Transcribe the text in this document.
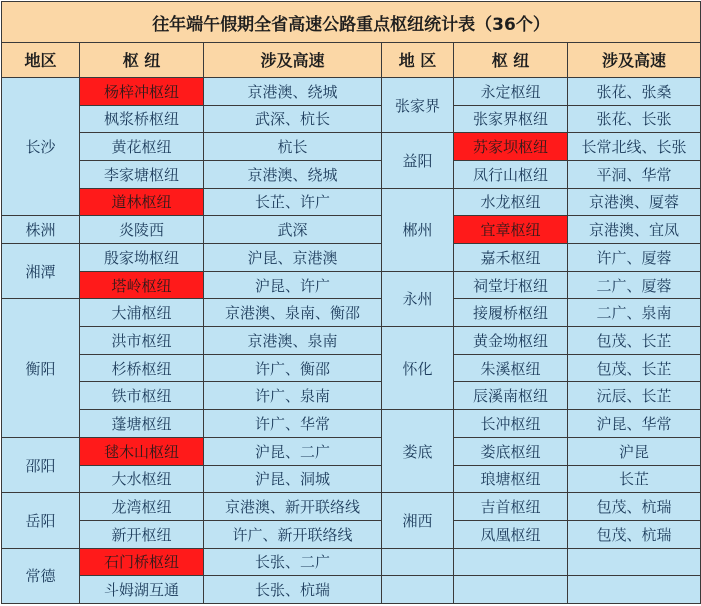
往年端午假期全省高速公路重点枢纽统计表（36个）					
地区	枢 纽	涉及高速	地 区	枢 纽	涉及高速
长沙	杨梓冲枢纽	京港澳、绕城	张家界	永定枢纽	张花、张桑
	枫浆桥枢纽	武深、杭长		张家界枢纽	张花、长张
	黄花枢纽	杭长	益阳	苏家坝枢纽	长常北线、长张
	李家塘枢纽	京港澳、绕城		凤行山枢纽	平洞、华常
	道林枢纽	长芷、许广	郴州	水龙枢纽	京港澳、厦蓉
株洲	炎陵西	武深		宜章枢纽	京港澳、宜凤
湘潭	殷家坳枢纽	沪昆、京港澳		嘉禾枢纽	许广、厦蓉
	塔岭枢纽	沪昆、许广	永州	祠堂圩枢纽	二广、厦蓉
衡阳	大浦枢纽	京港澳、泉南、衡邵		接履桥枢纽	二广、泉南
	洪市枢纽	京港澳、泉南	怀化	黄金坳枢纽	包茂、长芷
	杉桥枢纽	许广、衡邵		朱溪枢纽	包茂、长芷
	铁市枢纽	许广、泉南		辰溪南枢纽	沅辰、长芷
	蓬塘枢纽	许广、华常	娄底	长冲枢纽	沪昆、华常
邵阳	毬木山枢纽	沪昆、二广		娄底枢纽	沪昆
	大水枢纽	沪昆、洞城		琅塘枢纽	长芷
岳阳	龙湾枢纽	京港澳、新开联络线	湘西	吉首枢纽	包茂、杭瑞
	新开枢纽	许广、新开联络线		凤凰枢纽	包茂、杭瑞
常德	石门桥枢纽	长张、二广			
	斗姆湖互通	长张、杭瑞			
